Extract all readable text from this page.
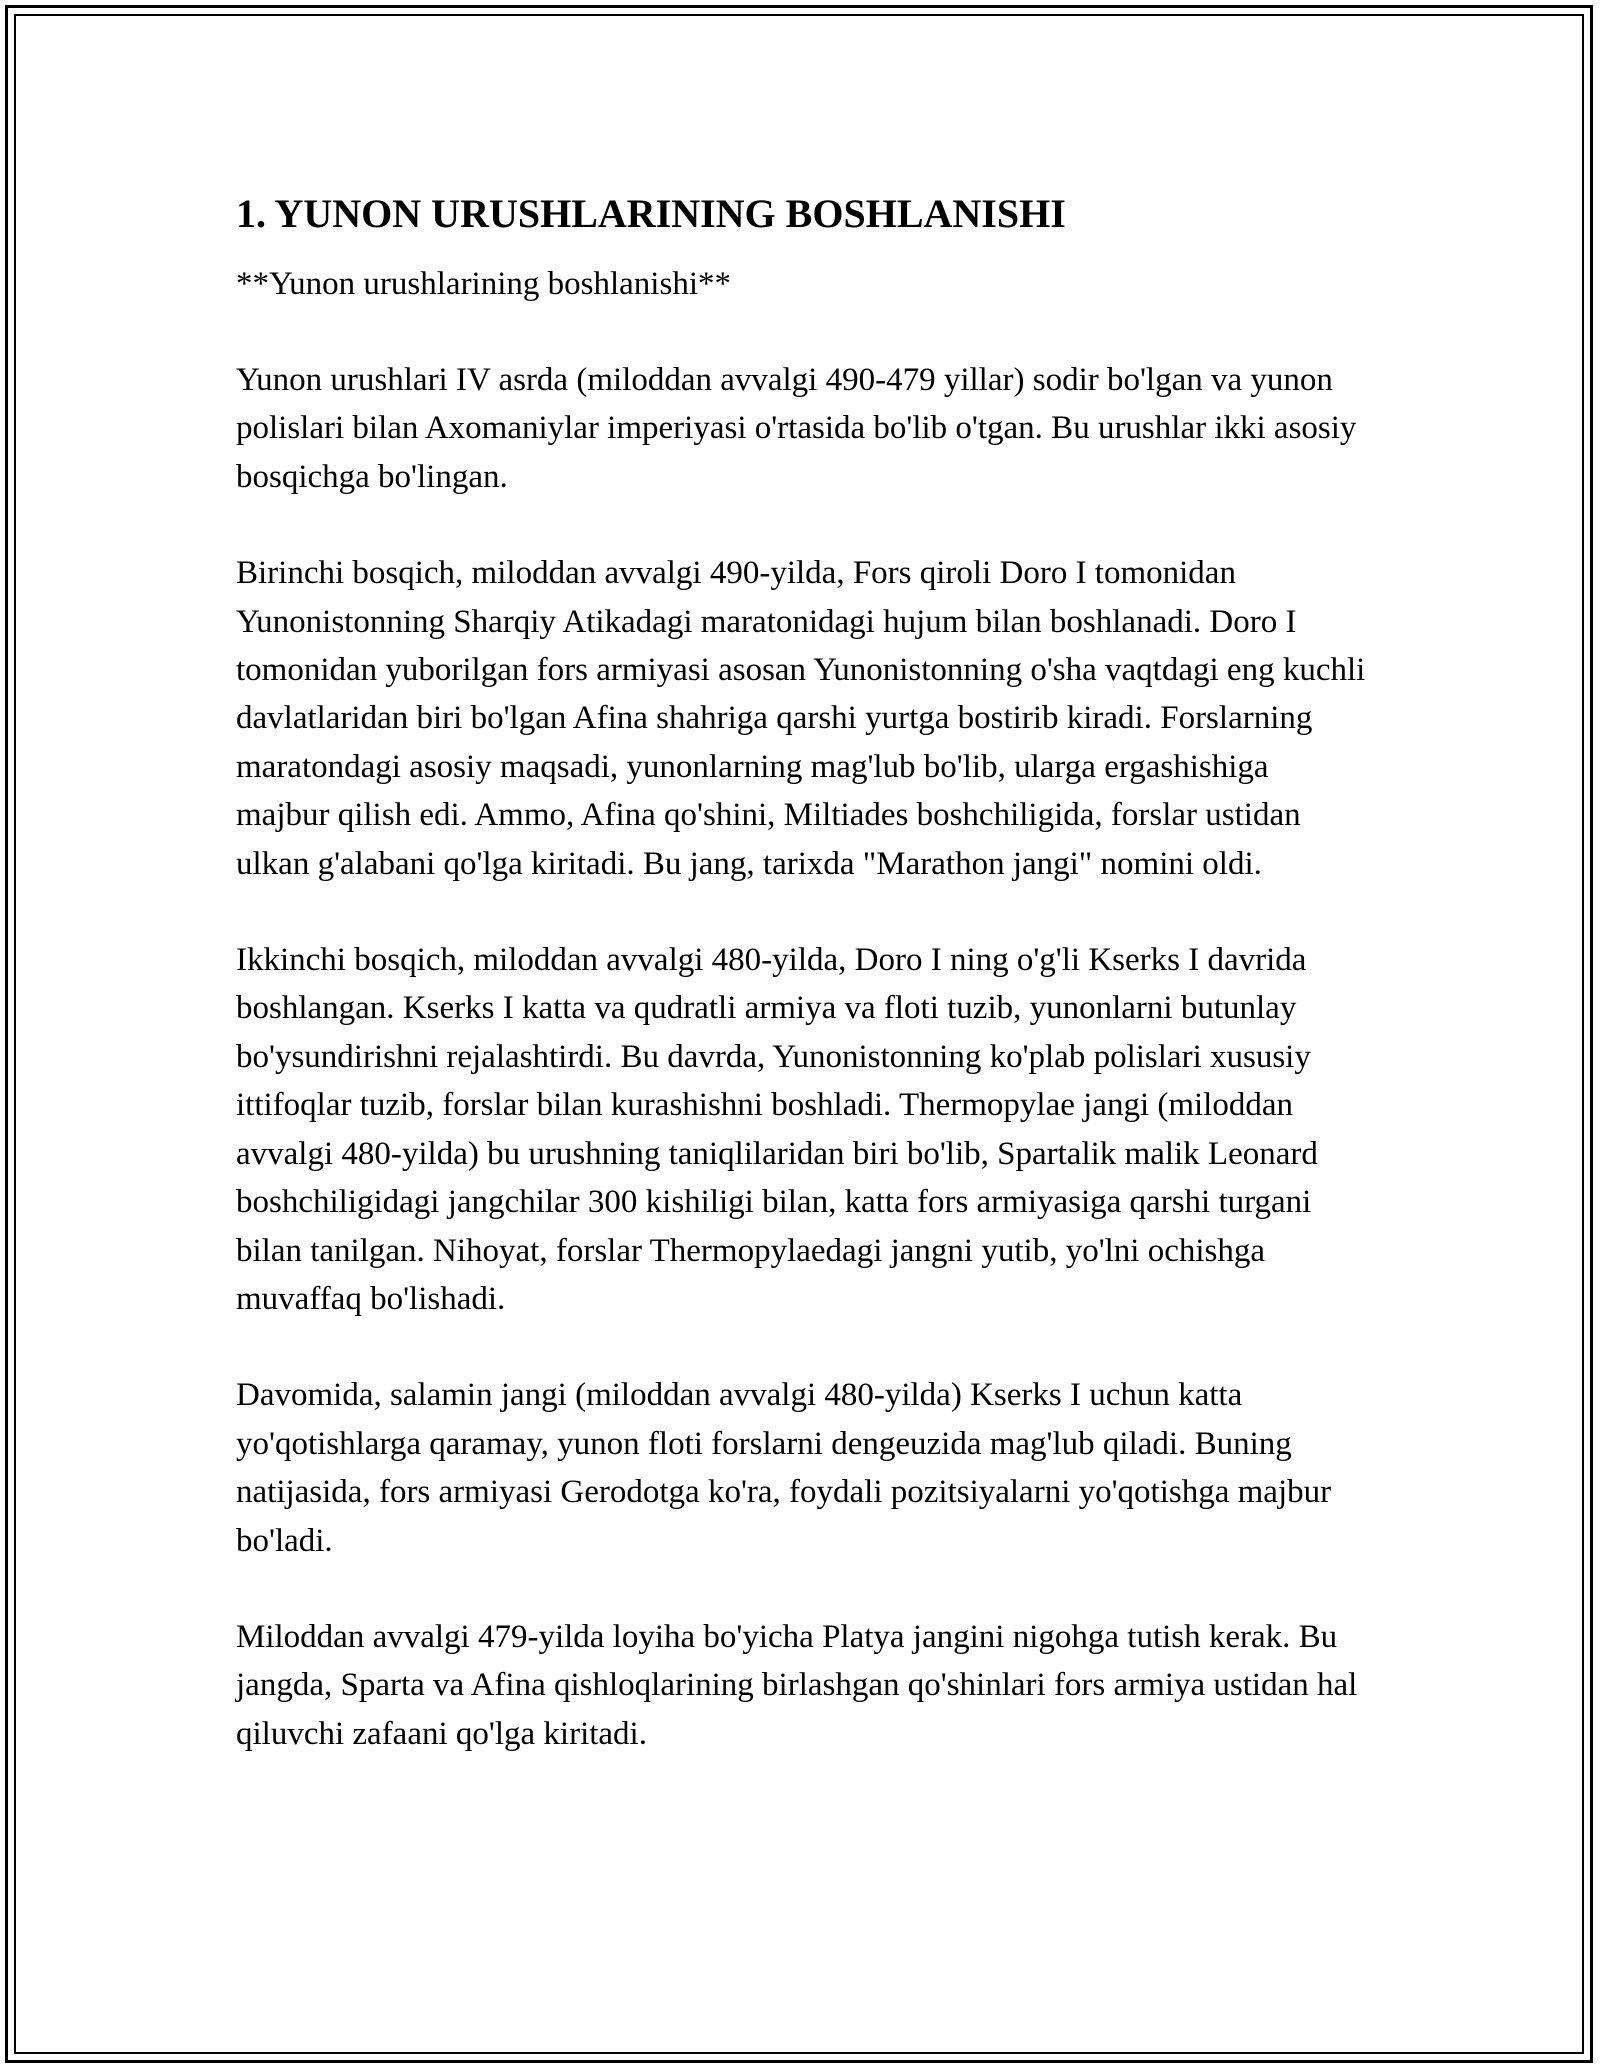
1. YUNON URUSHLARINING BOSHLANISHI

**Yunon urushlarining boshlanishi**

Yunon urushlari IV asrda (miloddan avvalgi 490-479 yillar) sodir bo'lgan va yunon polislari bilan Axomaniylar imperiyasi o'rtasida bo'lib o'tgan. Bu urushlar ikki asosiy bosqichga bo'lingan.

Birinchi bosqich, miloddan avvalgi 490-yilda, Fors qiroli Doro I tomonidan Yunonistonning Sharqiy Atikadagi maratonidagi hujum bilan boshlanadi. Doro I tomonidan yuborilgan fors armiyasi asosan Yunonistonning o'sha vaqtdagi eng kuchli davlatlaridan biri bo'lgan Afina shahriga qarshi yurtga bostirib kiradi. Forslarning maratondagi asosiy maqsadi, yunonlarning mag'lub bo'lib, ularga ergashishiga majbur qilish edi. Ammo, Afina qo'shini, Miltiades boshchiligida, forslar ustidan ulkan g'alabani qo'lga kiritadi. Bu jang, tarixda "Marathon jangi" nomini oldi.

Ikkinchi bosqich, miloddan avvalgi 480-yilda, Doro I ning o'g'li Kserks I davrida boshlangan. Kserks I katta va qudratli armiya va floti tuzib, yunonlarni butunlay bo'ysundirishni rejalashtirdi. Bu davrda, Yunonistonning ko'plab polislari xususiy ittifoqlar tuzib, forslar bilan kurashishni boshladi. Thermopylae jangi (miloddan avvalgi 480-yilda) bu urushning taniqlilaridan biri bo'lib, Spartalik malik Leonard boshchiligidagi jangchilar 300 kishiligi bilan, katta fors armiyasiga qarshi turgani bilan tanilgan. Nihoyat, forslar Thermopylaedagi jangni yutib, yo'lni ochishga muvaffaq bo'lishadi.

Davomida, salamin jangi (miloddan avvalgi 480-yilda) Kserks I uchun katta yo'qotishlarga qaramay, yunon floti forslarni dengeuzida mag'lub qiladi. Buning natijasida, fors armiyasi Gerodotga ko'ra, foydali pozitsiyalarni yo'qotishga majbur bo'ladi.

Miloddan avvalgi 479-yilda loyiha bo'yicha Platya jangini nigohga tutish kerak. Bu jangda, Sparta va Afina qishloqlarining birlashgan qo'shinlari fors armiya ustidan hal qiluvchi zafaani qo'lga kiritadi.
